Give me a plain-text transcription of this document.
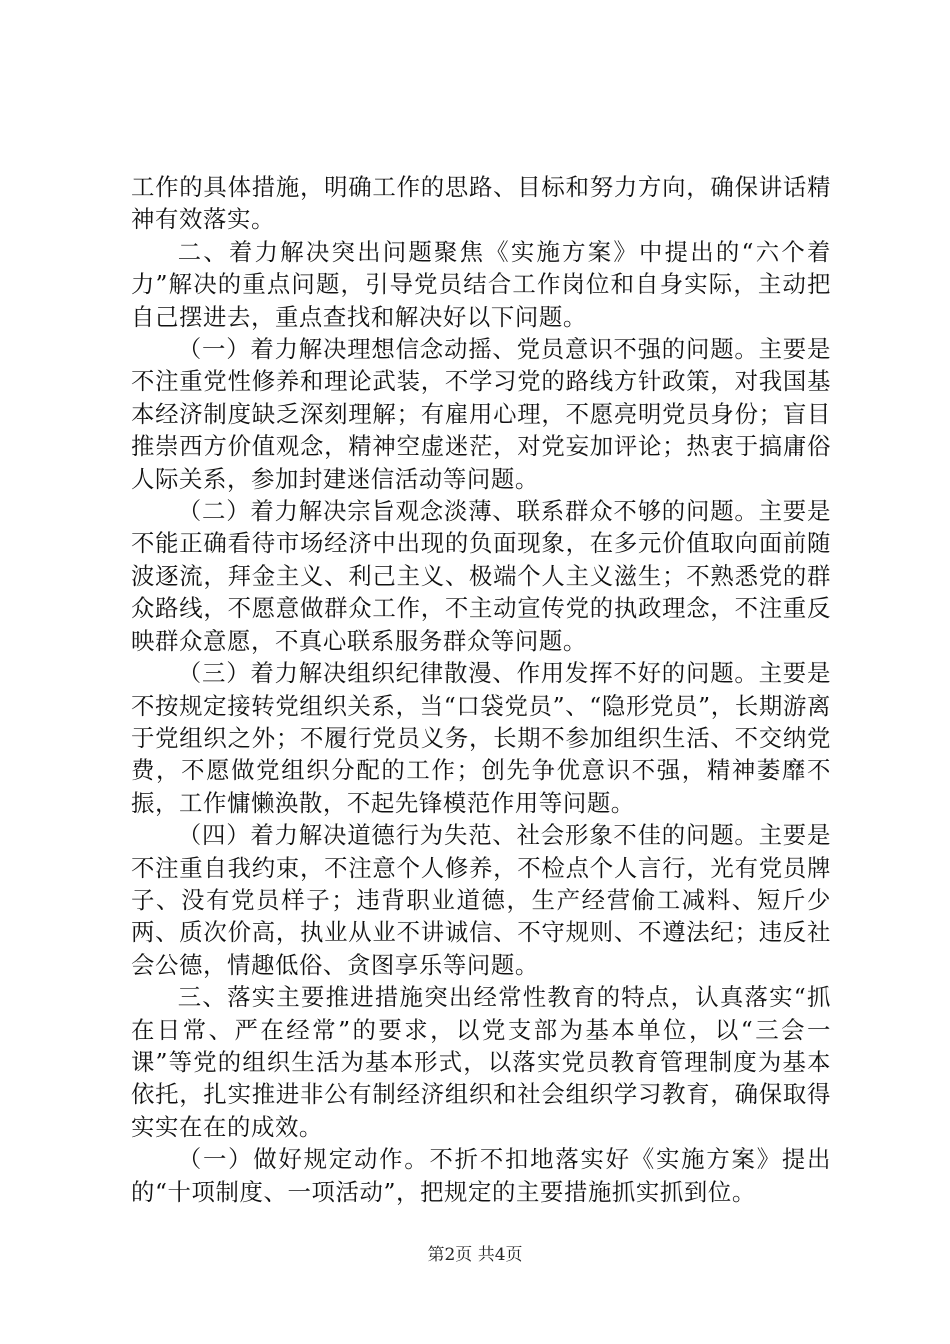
工作的具体措施，明确工作的思路、目标和努力方向，确保讲话精神有效落实。

二、着力解决突出问题聚焦《实施方案》中提出的“六个着力”解决的重点问题，引导党员结合工作岗位和自身实际，主动把自己摆进去，重点查找和解决好以下问题。

（一）着力解决理想信念动摇、党员意识不强的问题。主要是不注重党性修养和理论武装，不学习党的路线方针政策，对我国基本经济制度缺乏深刻理解；有雇用心理，不愿亮明党员身份；盲目推崇西方价值观念，精神空虚迷茫，对党妄加评论；热衷于搞庸俗人际关系，参加封建迷信活动等问题。

（二）着力解决宗旨观念淡薄、联系群众不够的问题。主要是不能正确看待市场经济中出现的负面现象，在多元价值取向面前随波逐流，拜金主义、利己主义、极端个人主义滋生；不熟悉党的群众路线，不愿意做群众工作，不主动宣传党的执政理念，不注重反映群众意愿，不真心联系服务群众等问题。

（三）着力解决组织纪律散漫、作用发挥不好的问题。主要是不按规定接转党组织关系，当“口袋党员”、“隐形党员”，长期游离于党组织之外；不履行党员义务，长期不参加组织生活、不交纳党费，不愿做党组织分配的工作；创先争优意识不强，精神萎靡不振，工作慵懒涣散，不起先锋模范作用等问题。

（四）着力解决道德行为失范、社会形象不佳的问题。主要是不注重自我约束，不注意个人修养，不检点个人言行，光有党员牌子、没有党员样子；违背职业道德，生产经营偷工减料、短斤少两、质次价高，执业从业不讲诚信、不守规则、不遵法纪；违反社会公德，情趣低俗、贪图享乐等问题。

三、落实主要推进措施突出经常性教育的特点，认真落实“抓在日常、严在经常”的要求，以党支部为基本单位，以“三会一课”等党的组织生活为基本形式，以落实党员教育管理制度为基本依托，扎实推进非公有制经济组织和社会组织学习教育，确保取得实实在在的成效。

（一）做好规定动作。不折不扣地落实好《实施方案》提出的“十项制度、一项活动”，把规定的主要措施抓实抓到位。

第2页 共4页
